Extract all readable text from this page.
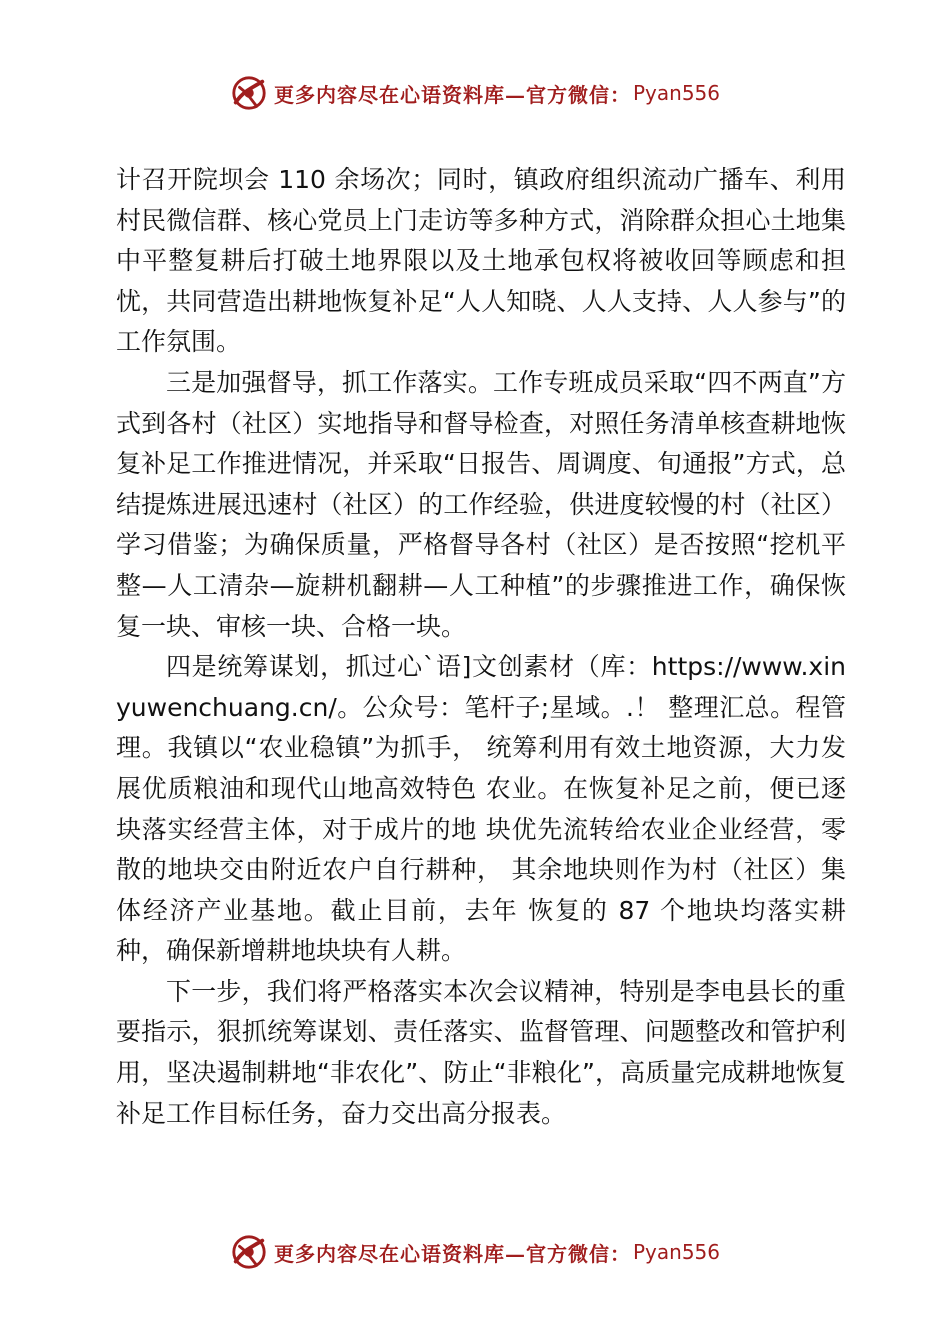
更多内容尽在心语资料库—官方微信： Pyan556

计召开院坝会 110 余场次；同时，镇政府组织流动广播车、利用村民微信群、核心党员上门走访等多种方式，消除群众担心土地集中平整复耕后打破土地界限以及土地承包权将被收回等顾虑和担忧，共同营造出耕地恢复补足“人人知晓、人人支持、人人参与”的工作氛围。

三是加强督导，抓工作落实。工作专班成员采取“四不两直”方式到各村（社区）实地指导和督导检查，对照任务清单核查耕地恢复补足工作推进情况，并采取“日报告、周调度、旬通报”方式，总结提炼进展迅速村（社区）的工作经验，供进度较慢的村（社区）学习借鉴；为确保质量，严格督导各村（社区）是否按照“挖机平整—人工清杂—旋耕机翻耕—人工种植”的步骤推进工作，确保恢复一块、审核一块、合格一块。

四是统筹谋划，抓过心`语]文创素材（库：https://www.xinyuwenchuang.cn/。公众号：笔杆子;星域。.！ 整理汇总。程管理。我镇以“农业稳镇”为抓手， 统筹利用有效土地资源，大力发展优质粮油和现代山地高效特色 农业。在恢复补足之前，便已逐块落实经营主体，对于成片的地 块优先流转给农业企业经营，零散的地块交由附近农户自行耕种， 其余地块则作为村（社区）集体经济产业基地。截止目前，去年 恢复的 87 个地块均落实耕种，确保新增耕地块块有人耕。

下一步，我们将严格落实本次会议精神，特别是李电县长的重要指示，狠抓统筹谋划、责任落实、监督管理、问题整改和管护利用，坚决遏制耕地“非农化”、防止“非粮化”，高质量完成耕地恢复补足工作目标任务，奋力交出高分报表。

更多内容尽在心语资料库—官方微信： Pyan556
